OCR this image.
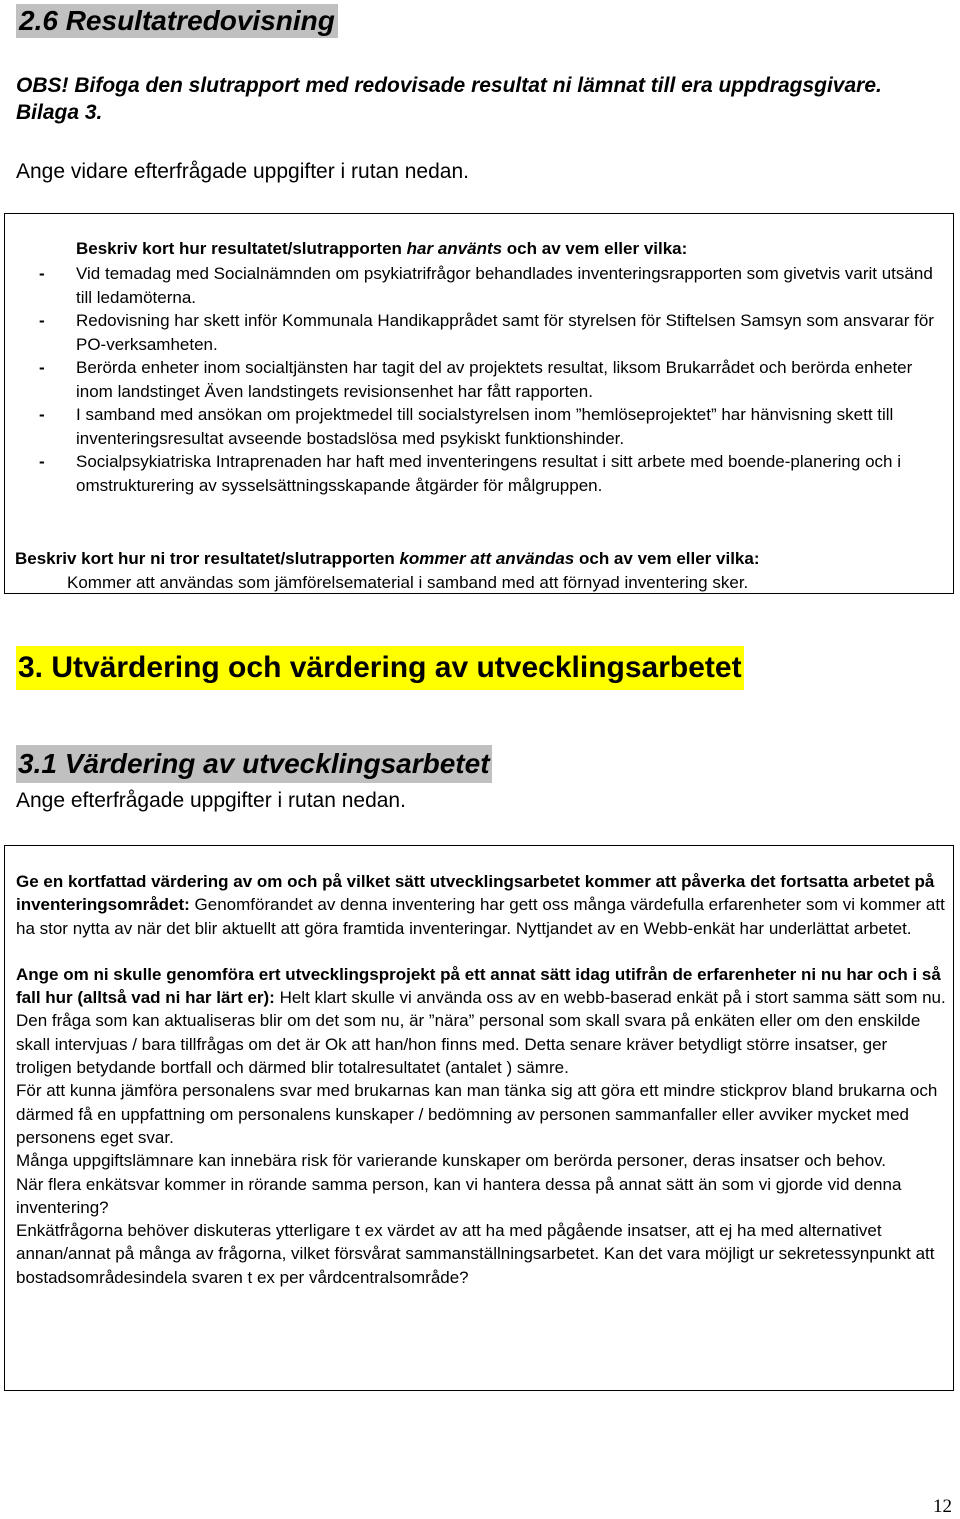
2.6 Resultatredovisning
OBS! Bifoga den slutrapport med redovisade resultat ni lämnat till era uppdragsgivare. Bilaga 3.
Ange vidare efterfrågade uppgifter i rutan nedan.
Beskriv kort hur resultatet/slutrapporten har använts och av vem eller vilka:
- Vid temadag med Socialnämnden om psykiatrifrågor behandlades inventeringsrapporten som givetvis varit utsänd till ledamöterna.
- Redovisning har skett inför Kommunala Handikapprådet samt för styrelsen för Stiftelsen Samsyn som ansvarar för PO-verksamheten.
- Berörda enheter inom socialtjänsten har tagit del av projektets resultat, liksom Brukarrådet och berörda enheter inom landstinget Även landstingets revisionsenhet har fått rapporten.
- I samband med ansökan om projektmedel till socialstyrelsen inom ”hemlöseprojektet” har hänvisning skett till inventeringsresultat avseende bostadslösa med psykiskt funktionshinder.
- Socialpsykiatriska Intraprenaden har haft med inventeringens resultat i sitt arbete med boende-planering och i omstrukturering av sysselsättningsskapande åtgärder för målgruppen.
Beskriv kort hur ni tror resultatet/slutrapporten kommer att användas och av vem eller vilka:
Kommer att användas som jämförelsematerial i samband med att förnyad inventering sker.
3. Utvärdering och värdering av utvecklingsarbetet
3.1 Värdering av utvecklingsarbetet
Ange efterfrågade uppgifter i rutan nedan.

Ge en kortfattad värdering av om och på vilket sätt utvecklingsarbetet kommer att påverka det fortsatta arbetet på inventeringsområdet: Genomförandet av denna inventering har gett oss många värdefulla erfarenheter som vi kommer att ha stor nytta av när det blir aktuellt att göra framtida inventeringar. Nyttjandet av en Webb-enkät har underlättat arbetet.

Ange om ni skulle genomföra ert utvecklingsprojekt på ett annat sätt idag utifrån de erfarenheter ni nu har och i så fall hur (alltså vad ni har lärt er): Helt klart skulle vi använda oss av en webb-baserad enkät på i stort samma sätt som nu. Den fråga som kan aktualiseras blir om det som nu, är ”nära” personal som skall svara på enkäten eller om den enskilde skall intervjuas / bara tillfrågas om det är Ok att han/hon finns med. Detta senare kräver betydligt större insatser, ger troligen betydande bortfall och därmed blir totalresultatet (antalet ) sämre.

För att kunna jämföra personalens svar med brukarnas kan man tänka sig att göra ett mindre stickprov bland brukarna och därmed få en uppfattning om personalens kunskaper / bedömning av personen sammanfaller eller avviker mycket med personens eget svar.

Många uppgiftslämnare kan innebära risk för varierande kunskaper om berörda personer, deras insatser och behov.

När flera enkätsvar kommer in rörande samma person, kan vi hantera dessa på annat sätt än som vi gjorde vid denna inventering?

Enkätfrågorna behöver diskuteras ytterligare t ex värdet av att ha med pågående insatser, att ej ha med alternativet annan/annat på många av frågorna, vilket försvårat sammanställningsarbetet. Kan det vara möjligt ur sekretessynpunkt att bostadsområdesindela svaren t ex per vårdcentralsområde?

12
